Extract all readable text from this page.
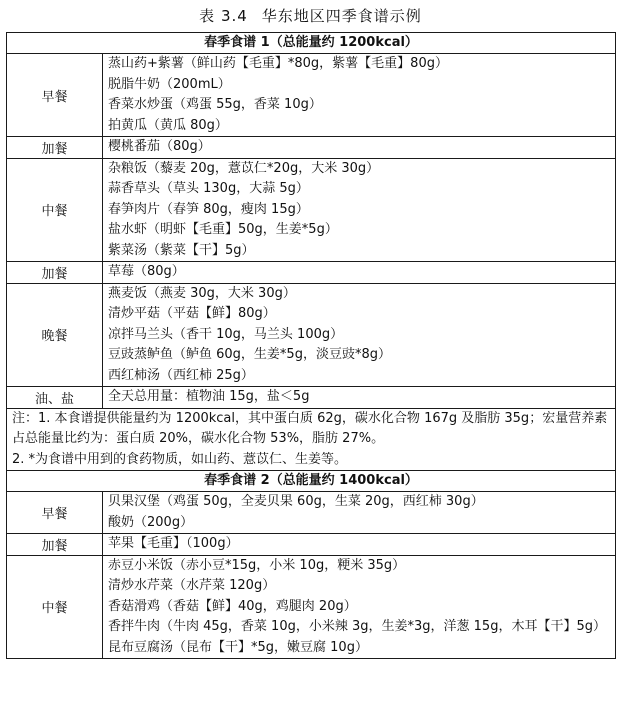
表 3.4 华东地区四季食谱示例
春季食谱 1（总能量约 1200kcal）	
早餐	蒸山药+紫薯（鲜山药【毛重】*80g，紫薯【毛重】80g）
脱脂牛奶（200mL）
香菜水炒蛋（鸡蛋 55g，香菜 10g）
拍黄瓜（黄瓜 80g）

加餐	樱桃番茄（80g）

中餐	杂粮饭（藜麦 20g，薏苡仁*20g，大米 30g）
蒜香草头（草头 130g，大蒜 5g）
春笋肉片（春笋 80g，瘦肉 15g）
盐水虾（明虾【毛重】50g，生姜*5g）
紫菜汤（紫菜【干】5g）

加餐	草莓（80g）

晚餐	燕麦饭（燕麦 30g，大米 30g）
清炒平菇（平菇【鲜】80g）
凉拌马兰头（香干 10g，马兰头 100g）
豆豉蒸鲈鱼（鲈鱼 60g，生姜*5g，淡豆豉*8g）
西红柿汤（西红柿 25g）

油、盐	全天总用量：植物油 15g，盐＜5g

注：1. 本食谱提供能量约为 1200kcal，其中蛋白质 62g，碳水化合物 167g 及脂肪 35g；宏量营养素占总能量比约为：蛋白质 20%，碳水化合物 53%，脂肪 27%。
2. *为食谱中用到的食药物质，如山药、薏苡仁、生姜等。	

春季食谱 2（总能量约 1400kcal）	
早餐	贝果汉堡（鸡蛋 50g，全麦贝果 60g，生菜 20g，西红柿 30g）
酸奶（200g）

加餐	苹果【毛重】（100g）

中餐	赤豆小米饭（赤小豆*15g，小米 10g，粳米 35g）
清炒水芹菜（水芹菜 120g）
香菇滑鸡（香菇【鲜】40g，鸡腿肉 20g）
香拌牛肉（牛肉 45g，香菜 10g，小米辣 3g，生姜*3g，洋葱 15g，木耳【干】5g）
昆布豆腐汤（昆布【干】*5g，嫩豆腐 10g）
